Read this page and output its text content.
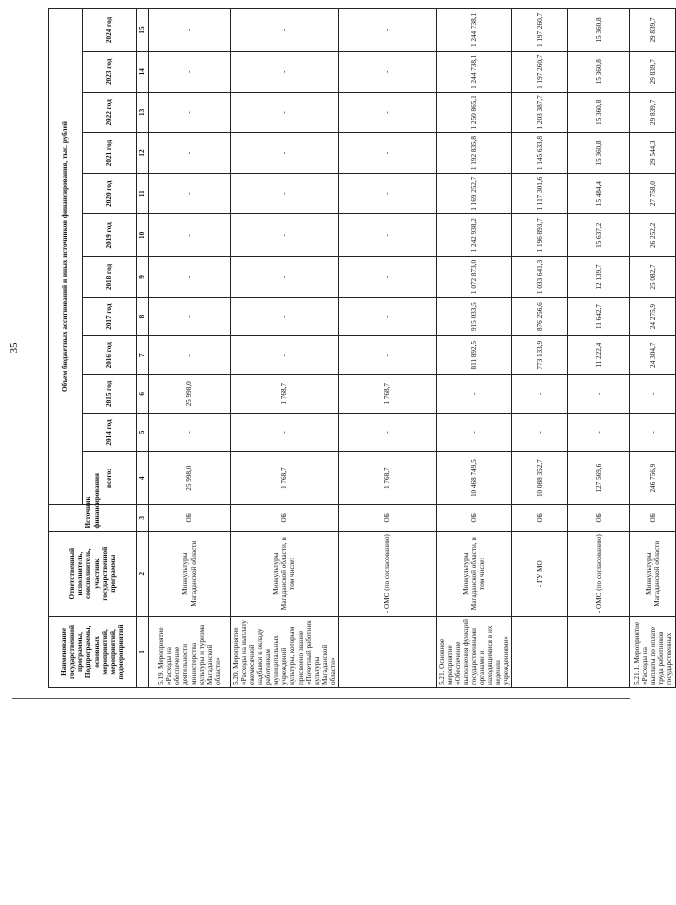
35
Наименование государственной программы, Подпрограммы, основных мероприятий, мероприятий, подмероприятий	Ответственный исполнитель, соисполнитель, участник государственной программы	Источник финансирования	Объем бюджетных ассигнований и иных источников финансирования, тыс. рублей											
			всего:	2014 год	2015 год	2016 год	2017 год	2018 год	2019 год	2020 год	2021 год	2022 год	2023 год	2024 год
1	2	3	4	5	6	7	8	9	10	11	12	13	14	15
5.19. Мероприятие «Расходы на обеспечение деятельности министерства культуры и туризма Магаданской области»	Минкультуры Магаданской области	ОБ	25 998,0	-	25 998,0	-	-	-	-	-	-	-	-	-
5.20. Мероприятие «Расходы на выплату ежемесячной надбавки к окладу работникам муниципальных учреждений культуры, которым присвоено звание «Почетный работник культуры Магаданской области»	Минкультуры Магаданской области, в том числе:	ОБ	1 768,7	-	1 768,7	-	-	-	-	-	-	-	-	-
	- ОМС (по согласованию)	ОБ	1 768,7	-	1 768,7	-	-	-	-	-	-	-	-	-
5.21. Основное мероприятие «Обеспечение выполнения функций государственными органами и находящимися в их ведении учреждениями»	Минкультуры Магаданской области, в том числе:	ОБ	10 468 749,5	-	-	811 892,5	915 033,5	1 072 873,0	1 242 938,2	1 169 252,7	1 192 835,8	1 250 865,1	1 244 738,1	1 244 738,1
	- ГУ МО	ОБ	10 088 352,7	-	-	773 133,9	876 256,6	1 033 641,3	1 196 893,7	1 117 301,6	1 145 633,8	1 203 387,7	1 197 260,7	1 197 260,7
	- ОМС (по согласованию)	ОБ	127 569,6	-	-	11 222,4	11 642,7	12 139,7	15 637,2	15 484,4	15 360,8	15 360,8	15 360,8	15 360,8
5.21.1. Мероприятие «Расходы на выплаты по оплате труда работников государственных	Минкультуры Магаданской области	ОБ	246 756,9	-	-	24 304,7	24 275,9	25 082,7	26 252,2	27 758,0	29 544,3	29 839,7	29 839,7	29 839,7
